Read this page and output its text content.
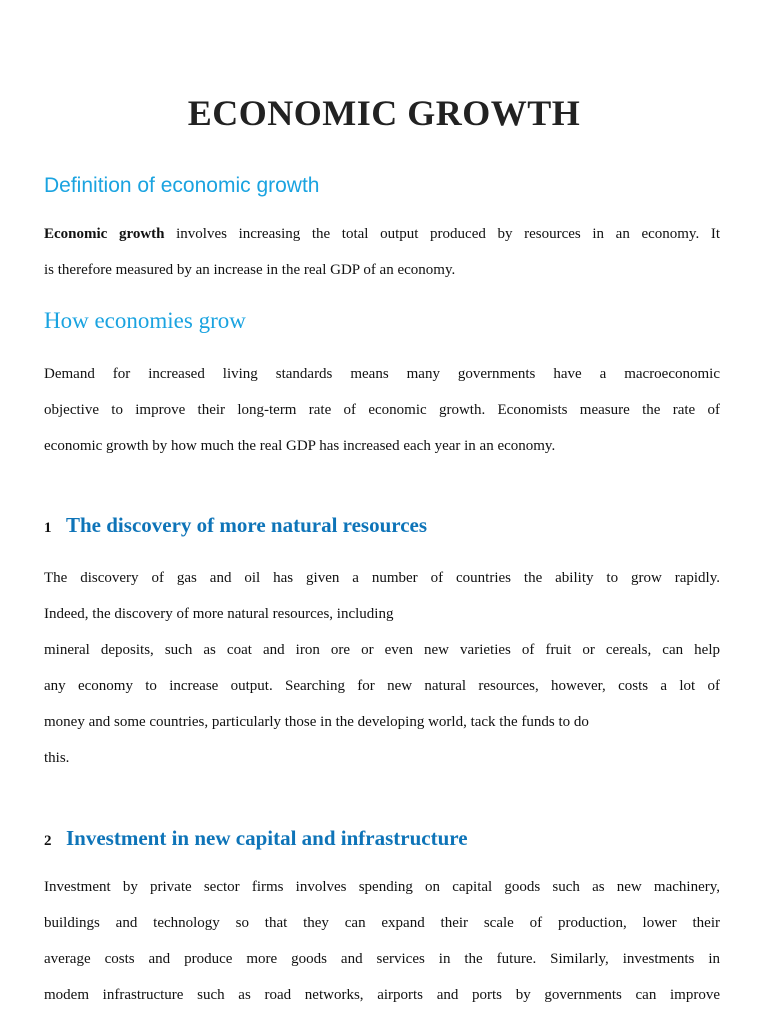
ECONOMIC GROWTH
Definition of economic growth
Economic growth involves increasing the total output produced by resources in an economy. It
is therefore measured by an increase in the real GDP of an economy.
How economies grow
Demand for increased living standards means many governments have a macroeconomic
objective to improve their long-term rate of economic growth. Economists measure the rate of
economic growth by how much the real GDP has increased each year in an economy.
1 The discovery of more natural resources
The discovery of gas and oil has given a number of countries the ability to grow rapidly.
Indeed, the discovery of more natural resources, including
mineral deposits, such as coat and iron ore or even new varieties of fruit or cereals, can help
any economy to increase output. Searching for new natural resources, however, costs a lot of
money and some countries, particularly those in the developing world, tack the funds to do
this.
2 Investment in new capital and infrastructure
Investment by private sector firms involves spending on capital goods such as new machinery,
buildings and technology so that they can expand their scale of production, lower their
average costs and produce more goods and services in the future. Similarly, investments in
modem infrastructure such as road networks, airports and ports by governments can improve
